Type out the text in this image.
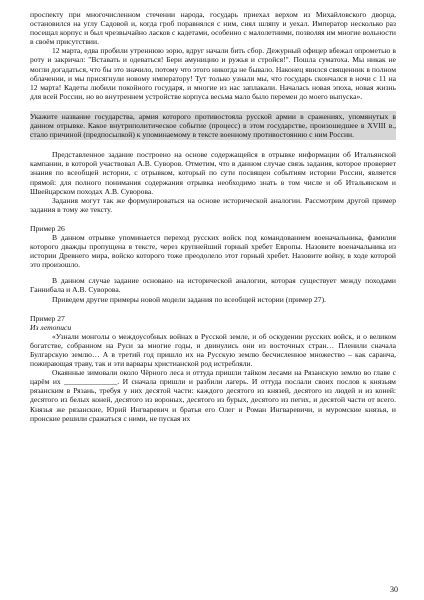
проспекту при многочисленном стечении народа, государь приехал верхом из Михайловского дворца, остановился на углу Садовой и, когда гроб поравнялся с ним, снял шляпу и уехал. Император несколько раз посещал корпус и был чрезвычайно ласков с кадетами, особенно с малолетними, позволяя им многие вольности в своём присутствии.

12 марта, едва пробили утреннюю зорю, вдруг начали бить сбор. Дежурный офицер вбежал опрометью в роту и закричал: "Вставать и одеваться! Бери амуницию и ружья и стройся!". Пошла суматоха. Мы никак не могли догадаться, что бы это значило, потому что этого никогда не бывало. Наконец явился священник в полном облачении, и мы присягнули новому императору! Тут только узнали мы, что государь скончался в ночи с 11 на 12 марта! Кадеты любили покойного государя, и многие из нас заплакали. Началась новая эпоха, новая жизнь для всей России, но во внутреннем устройстве корпуса весьма мало было перемен до моего выпуска».

Укажите название государства, армия которого противостояла русской армии в сражениях, упомянутых в данном отрывке. Какое внутриполитическое событие (процесс) в этом государстве, произошедшее в XVIII в., стало причиной (предпосылкой) к упоминаемому в тексте военному противостоянию с ним России.

Представленное задание построено на основе содержащейся в отрывке информации об Итальянской кампании, в которой участвовал А.В. Суворов. Отметим, что в данном случае связь задания, которое проверяет знания по всеобщей истории, с отрывком, который по сути посвящен событиям истории России, является прямой: для полного понимания содержания отрывка необходимо знать в том числе и об Итальянском и Швейцарском походах А.В. Суворова.

Задания могут так же формулироваться на основе исторической аналогии. Рассмотрим другой пример задания в тому же тексту.

Пример 26

В данном отрывке упоминается переход русских войск под командованием военачальника, фамилия которого дважды пропущена в тексте, через крупнейший горный хребет Европы. Назовите военачальника из истории Древнего мира, войско которого тоже преодолело этот горный хребет. Назовите войну, в ходе которой это произошло.

В данном случае задание основано на исторической аналогии, которая существует между походами Ганнибала и А.В. Суворова.

Приведем другие примеры новой модели задания по всеобщей истории (пример 27).

Пример 27

Из летописи

«Узнали монголы о междоусобных войнах в Русской земле, и об оскудении русских войск, и о великом богатстве, собранном на Руси за многие годы, и двинулись они из восточных стран… Пленили сначала Булгарскую землю… А в третий год пришло их на Русскую землю бесчисленное множество – как саранча, пожирающая траву, так и эти варвары христианской род истребляли.

Окаянные зимовали около Чёрного леса и оттуда пришли тайком лесами на Рязанскую землю во главе с царём их ______________. И сначала пришли и разбили лагерь. И оттуда послали своих послов к князьям рязанским в Рязань, требуя у них десятой части: каждого десятого из князей, десятого из людей и из коней: десятого из белых коней, десятого из вороных, десятого из бурых, десятого из пегих, и десятой части от всего. Князья же рязанские, Юрий Ингваревич и братья его Олег и Роман Ингваревичи, и муромские князья, и пронские решили сражаться с ними, не пуская их

30
